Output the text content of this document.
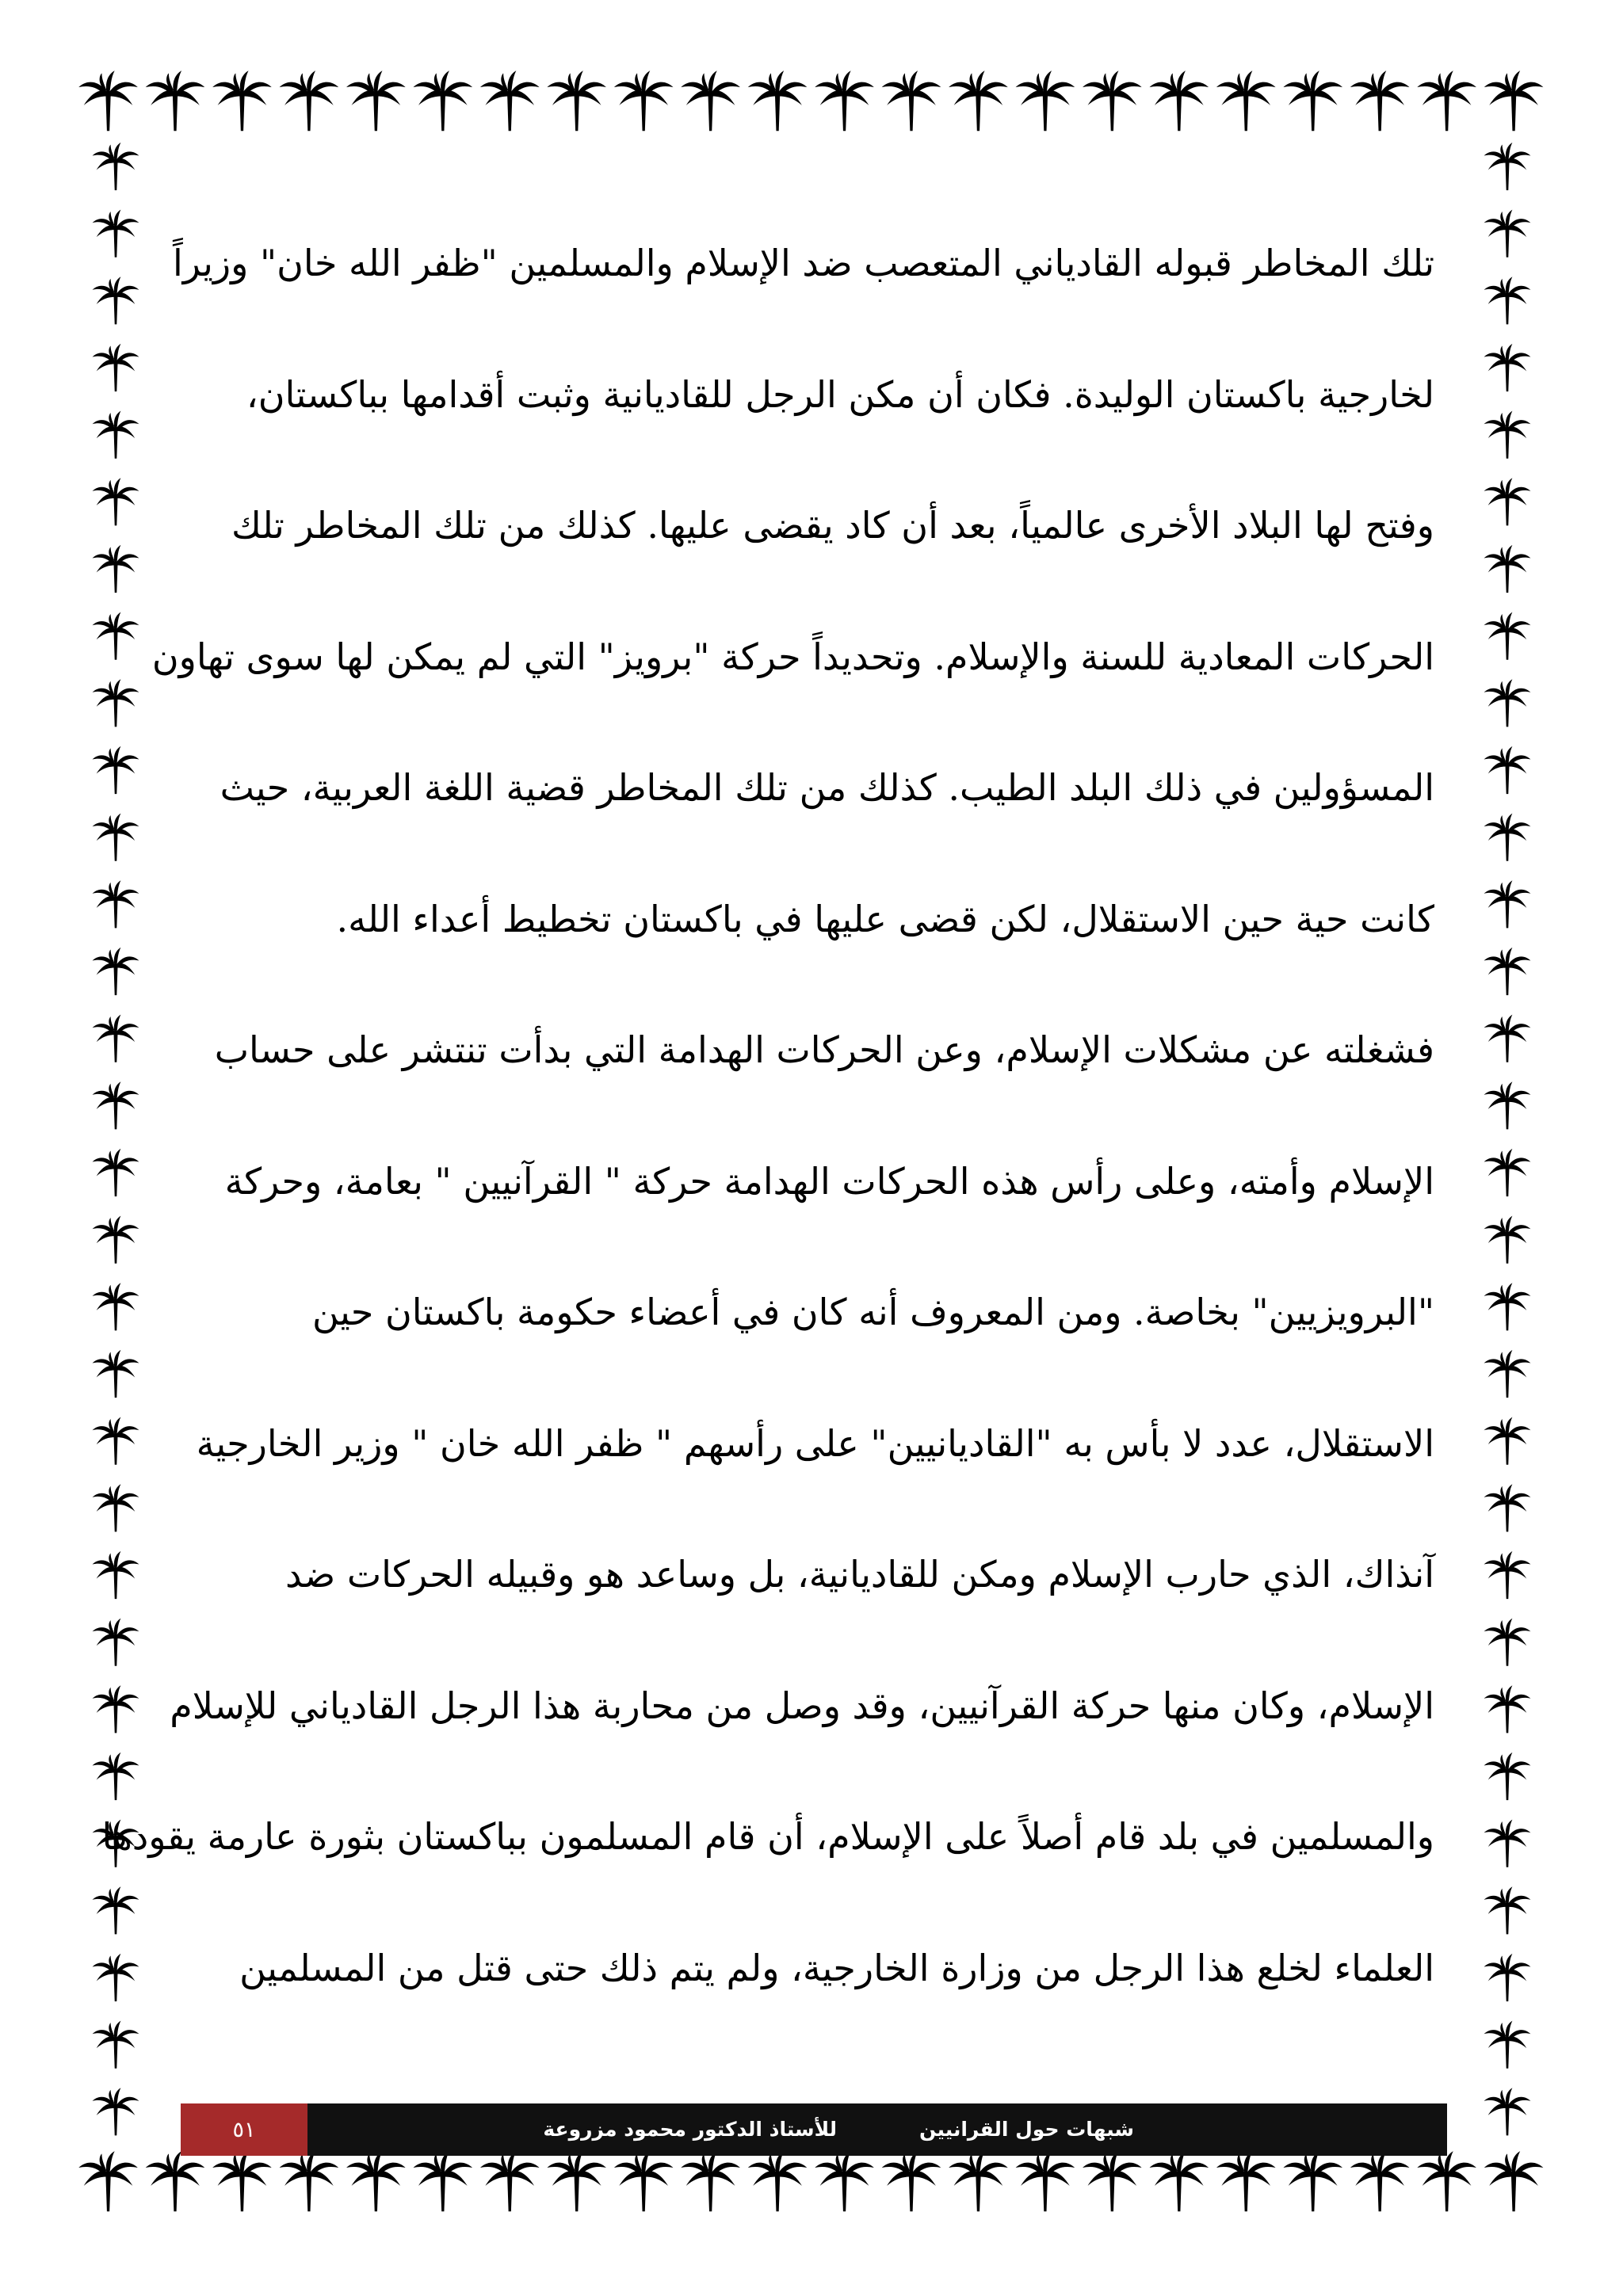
تلك المخاطر قبوله القادياني المتعصب ضد الإسلام والمسلمين "ظفر الله خان" وزيراً
لخارجية باكستان الوليدة. فكان أن مكن الرجل للقاديانية وثبت أقدامها بباكستان،
وفتح لها البلاد الأخرى عالمياً، بعد أن كاد يقضى عليها. كذلك من تلك المخاطر تلك
الحركات المعادية للسنة والإسلام. وتحديداً حركة "برويز" التي لم يمكن لها سوى تهاون
المسؤولين في ذلك البلد الطيب. كذلك من تلك المخاطر قضية اللغة العربية، حيث
كانت حية حين الاستقلال، لكن قضى عليها في باكستان تخطيط أعداء الله.
فشغلته عن مشكلات الإسلام، وعن الحركات الهدامة التي بدأت تنتشر على حساب
الإسلام وأمته، وعلى رأس هذه الحركات الهدامة حركة " القرآنيين " بعامة، وحركة
"البرويزيين" بخاصة. ومن المعروف أنه كان في أعضاء حكومة باكستان حين
الاستقلال، عدد لا بأس به "القاديانيين" على رأسهم " ظفر الله خان " وزير الخارجية
آنذاك، الذي حارب الإسلام ومكن للقاديانية، بل وساعد هو وقبيله الحركات ضد
الإسلام، وكان منها حركة القرآنيين، وقد وصل من محاربة هذا الرجل القادياني للإسلام
والمسلمين في بلد قام أصلاً على الإسلام، أن قام المسلمون بباكستان بثورة عارمة يقودها
العلماء لخلع هذا الرجل من وزارة الخارجية، ولم يتم ذلك حتى قتل من المسلمين
شبهات حول القرانيين
للأستاذ الدكتور محمود مزروعة
٥١
